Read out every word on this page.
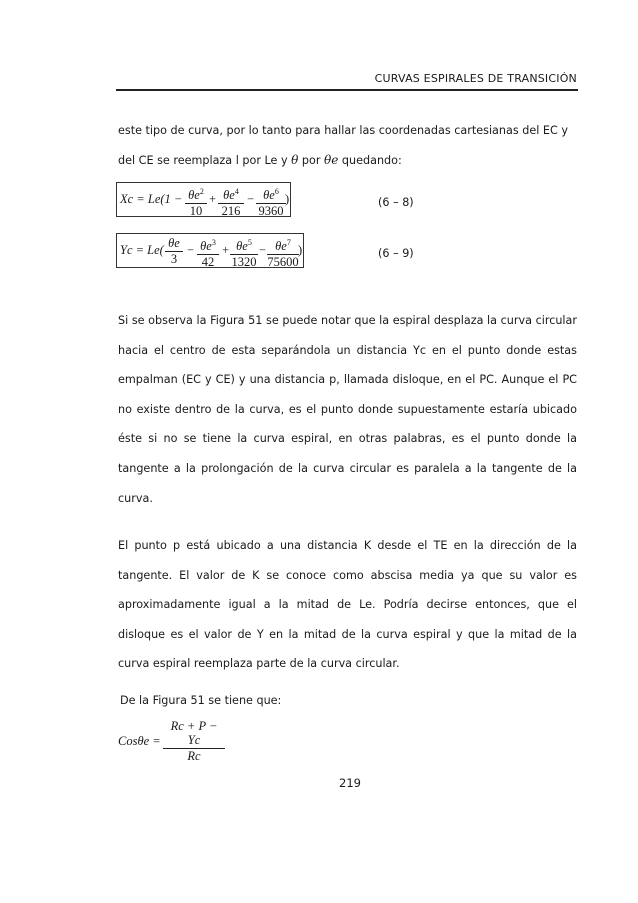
CURVAS ESPIRALES DE TRANSICIÓN
este tipo de curva, por lo tanto para hallar las coordenadas cartesianas del EC y
del CE se reemplaza l por Le y θ por θe quedando:
$Xc = Le(1 - \theta e^2$
10
+ $\theta e^4$
216
− $\theta e^6$
9360
)	(6 – 8)
Yc = Le( θe
3
− $\theta e^3$
42
+ $\theta e^5$
1320
− $\theta e^7$
75600
)	(6 – 9)

Si se observa la Figura 51 se puede notar que la espiral desplaza la curva circular hacia el centro de esta separándola un distancia Yc en el punto donde estas empalman (EC y CE) y una distancia p, llamada disloque, en el PC. Aunque el PC no existe dentro de la curva, es el punto donde supuestamente estaría ubicado éste si no se tiene la curva espiral, en otras palabras, es el punto donde la tangente a la prolongación de la curva circular es paralela a la tangente de la curva.

El punto p está ubicado a una distancia K desde el TE en la dirección de la tangente. El valor de K se conoce como abscisa media ya que su valor es aproximadamente igual a la mitad de Le. Podría decirse entonces, que el disloque es el valor de Y en la mitad de la curva espiral y que la mitad de la curva espiral reemplaza parte de la curva circular.

De la Figura 51 se tiene que:

Cosθe =
Rc + P − Yc
Rc
219
